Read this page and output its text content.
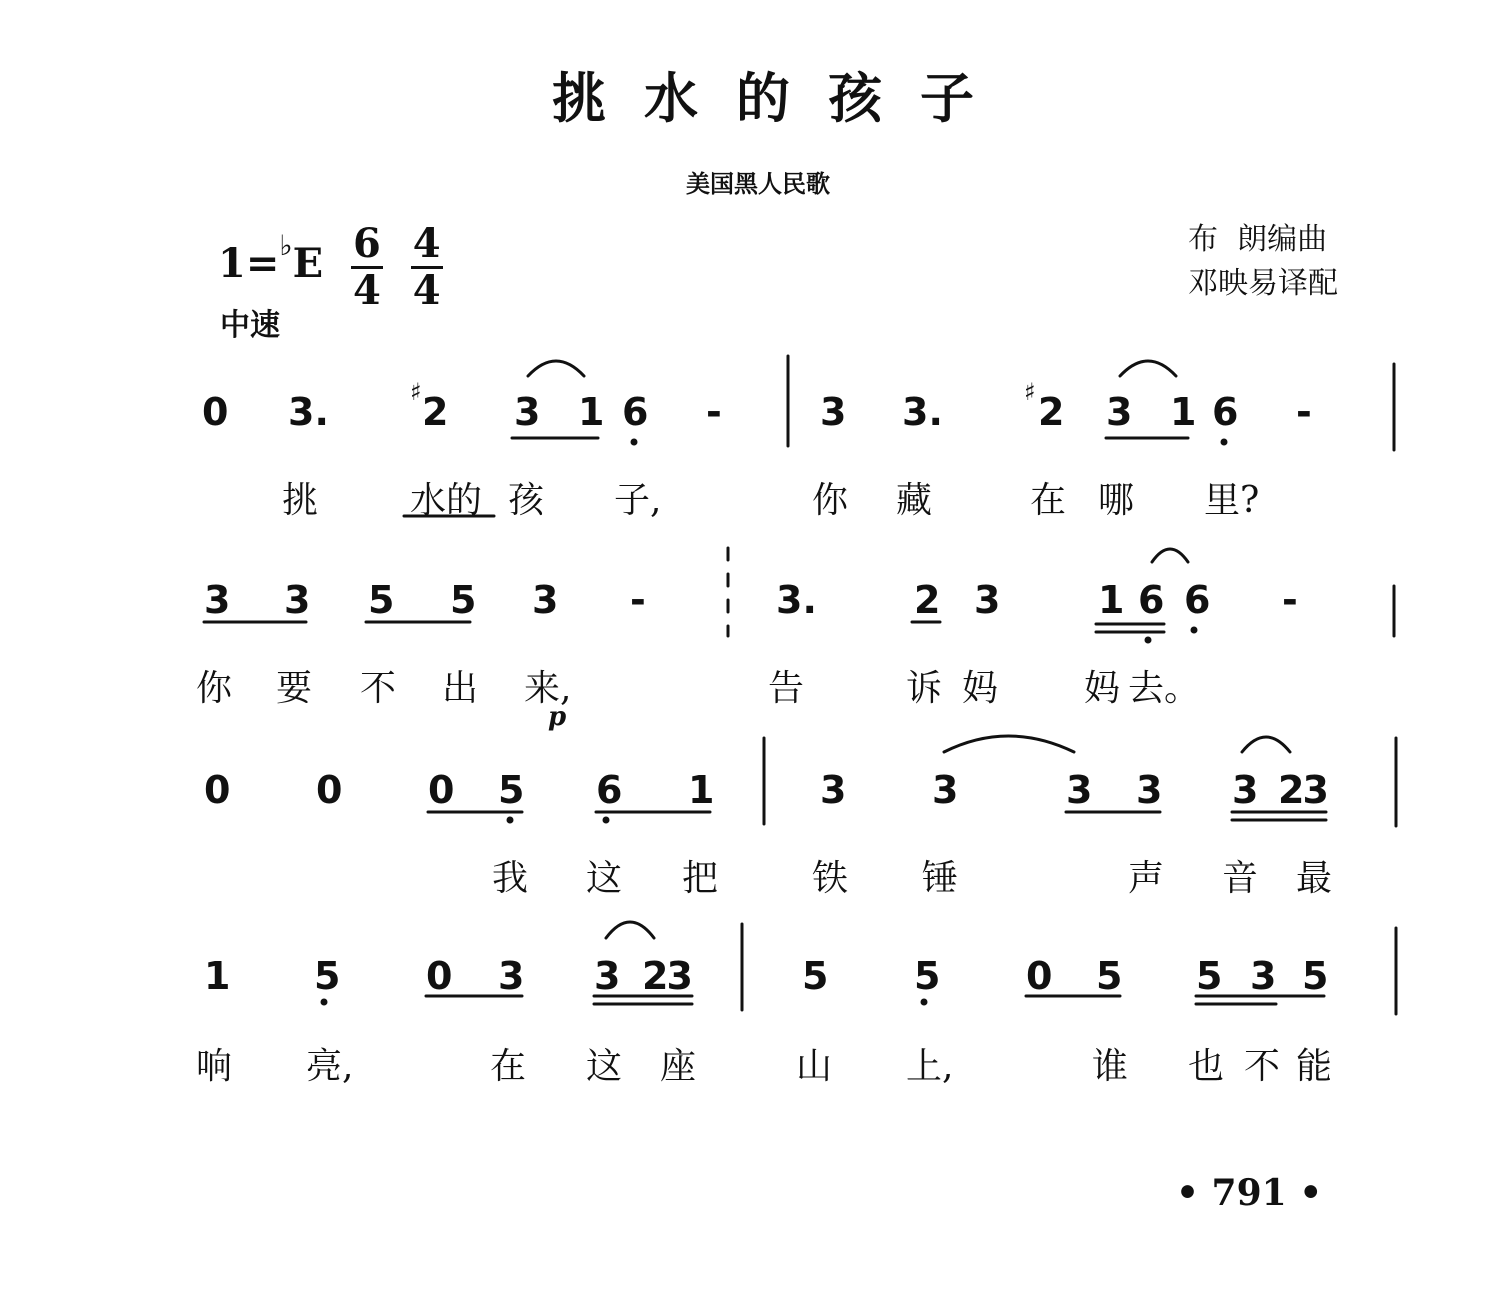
挑水的孩子
美国黑人民歌
$1=^♭E \frac{6}{4}$
$\frac{4}{4}$
中速
布  朗编曲
邓映易译配
0 3.	♯ 2 3 1 6 -	3 3.	♯ 2 3 1 6 -
挑	水的 孩 子,	你 藏	在 哪 里?
3 3 5 5 3 -	3.	2 3	1 6 6 -
你 要 不 出 来,	告	诉 妈 妈 去。
p
0 0 0 5 6 1	3 3	3 3 3 23
我 这 把	铁 锤	声 音 最
1 5 0 3 3 23	5 5 0 5 5 3 5
响 亮,	在 这 座	山 上,	谁 也 不 能
• 791 •
